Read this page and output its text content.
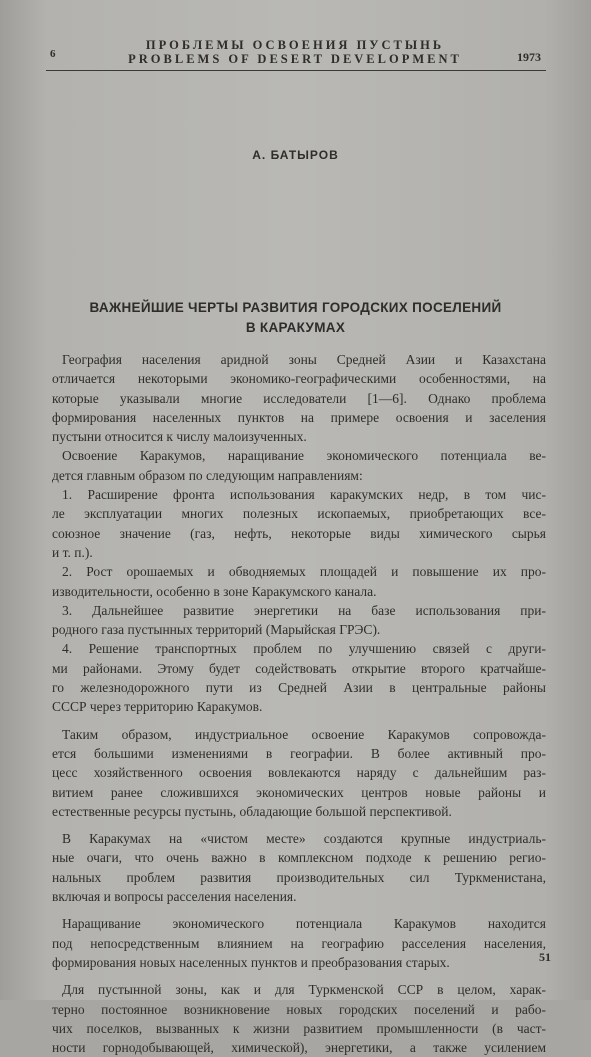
6
ПРОБЛЕМЫ ОСВОЕНИЯ ПУСТЫНЬ
PROBLEMS OF DESERT DEVELOPMENT	1973
А. БАТЫРОВ
ВАЖНЕЙШИЕ ЧЕРТЫ РАЗВИТИЯ ГОРОДСКИХ ПОСЕЛЕНИЙ
В КАРАКУМАХ
География населения аридной зоны Средней Азии и Казахстана
отличается некоторыми экономико-географическими особенностями, на
которые указывали многие исследователи [1—6]. Однако проблема
формирования населенных пунктов на примере освоения и заселения
пустыни относится к числу малоизученных.
Освоение Каракумов, наращивание экономического потенциала ве-
дется главным образом по следующим направлениям:
1. Расширение фронта использования каракумских недр, в том чис-
ле эксплуатации многих полезных ископаемых, приобретающих все-
союзное значение (газ, нефть, некоторые виды химического сырья
и т. п.).
2. Рост орошаемых и обводняемых площадей и повышение их про-
изводительности, особенно в зоне Каракумского канала.
3. Дальнейшее развитие энергетики на базе использования при-
родного газа пустынных территорий (Марыйская ГРЭС).
4. Решение транспортных проблем по улучшению связей с други-
ми районами. Этому будет содействовать открытие второго кратчайше-
го железнодорожного пути из Средней Азии в центральные районы
СССР через территорию Каракумов.
Таким образом, индустриальное освоение Каракумов сопровожда-
ется большими изменениями в географии. В более активный про-
цесс хозяйственного освоения вовлекаются наряду с дальнейшим раз-
витием ранее сложившихся экономических центров новые районы и
естественные ресурсы пустынь, обладающие большой перспективой.
В Каракумах на «чистом месте» создаются крупные индустриаль-
ные очаги, что очень важно в комплексном подходе к решению регио-
нальных проблем развития производительных сил Туркменистана,
включая и вопросы расселения населения.
Наращивание экономического потенциала Каракумов находится
под непосредственным влиянием на географию расселения населения,
формирования новых населенных пунктов и преобразования старых.
Для пустынной зоны, как и для Туркменской ССР в целом, харак-
терно постоянное возникновение новых городских поселений и рабо-
чих поселков, вызванных к жизни развитием промышленности (в част-
ности горнодобывающей, химической), энергетики, а также усилением
51
